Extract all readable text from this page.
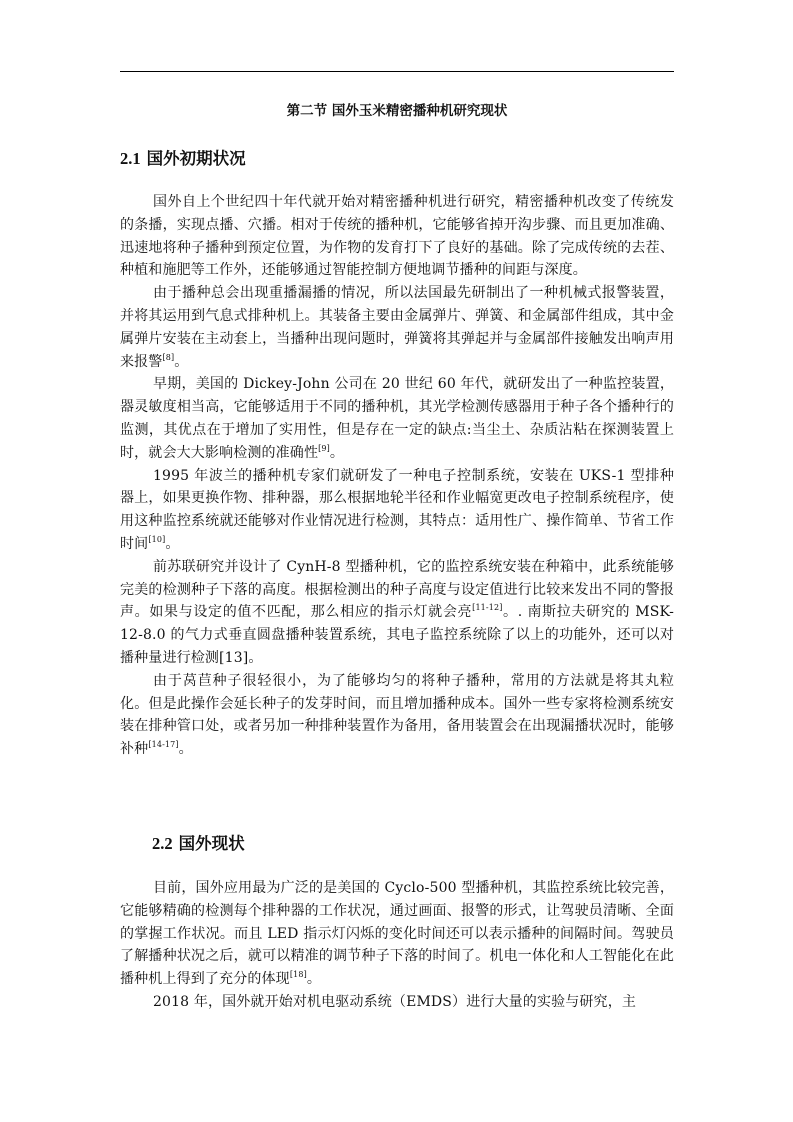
第二节 国外玉米精密播种机研究现状
2.1 国外初期状况

国外自上个世纪四十年代就开始对精密播种机进行研究，精密播种机改变了传统发的条播，实现点播、穴播。相对于传统的播种机，它能够省掉开沟步骤、而且更加准确、迅速地将种子播种到预定位置，为作物的发育打下了良好的基础。除了完成传统的去茬、种植和施肥等工作外，还能够通过智能控制方便地调节播种的间距与深度。

由于播种总会出现重播漏播的情况，所以法国最先研制出了一种机械式报警装置，并将其运用到气息式排种机上。其装备主要由金属弹片、弹簧、和金属部件组成，其中金属弹片安装在主动套上，当播种出现问题时，弹簧将其弹起并与金属部件接触发出响声用来报警[8]。

早期，美国的 Dickey-John 公司在 20 世纪 60 年代，就研发出了一种监控装置，器灵敏度相当高，它能够适用于不同的播种机，其光学检测传感器用于种子各个播种行的监测，其优点在于增加了实用性，但是存在一定的缺点:当尘土、杂质沾粘在探测装置上时，就会大大影响检测的准确性[9]。

1995 年波兰的播种机专家们就研发了一种电子控制系统，安装在 UKS-1 型排种器上，如果更换作物、排种器，那么根据地轮半径和作业幅宽更改电子控制系统程序，使用这种监控系统就还能够对作业情况进行检测，其特点：适用性广、操作简单、节省工作时间[10]。

前苏联研究并设计了 CynH-8 型播种机，它的监控系统安装在种箱中，此系统能够完美的检测种子下落的高度。根据检测出的种子高度与设定值进行比较来发出不同的警报声。如果与设定的值不匹配，那么相应的指示灯就会亮[11-12]。. 南斯拉夫研究的 MSK-12-8.0 的气力式垂直圆盘播种装置系统，其电子监控系统除了以上的功能外，还可以对播种量进行检测[13]。

由于莴苣种子很轻很小，为了能够均匀的将种子播种，常用的方法就是将其丸粒化。但是此操作会延长种子的发芽时间，而且增加播种成本。国外一些专家将检测系统安装在排种管口处，或者另加一种排种装置作为备用，备用装置会在出现漏播状况时，能够补种[14-17]。

2.2 国外现状

目前，国外应用最为广泛的是美国的 Cyclo-500 型播种机，其监控系统比较完善，它能够精确的检测每个排种器的工作状况，通过画面、报警的形式，让驾驶员清晰、全面的掌握工作状况。而且 LED 指示灯闪烁的变化时间还可以表示播种的间隔时间。驾驶员了解播种状况之后，就可以精准的调节种子下落的时间了。机电一体化和人工智能化在此播种机上得到了充分的体现[18]。

2018 年，国外就开始对机电驱动系统（EMDS）进行大量的实验与研究，主
